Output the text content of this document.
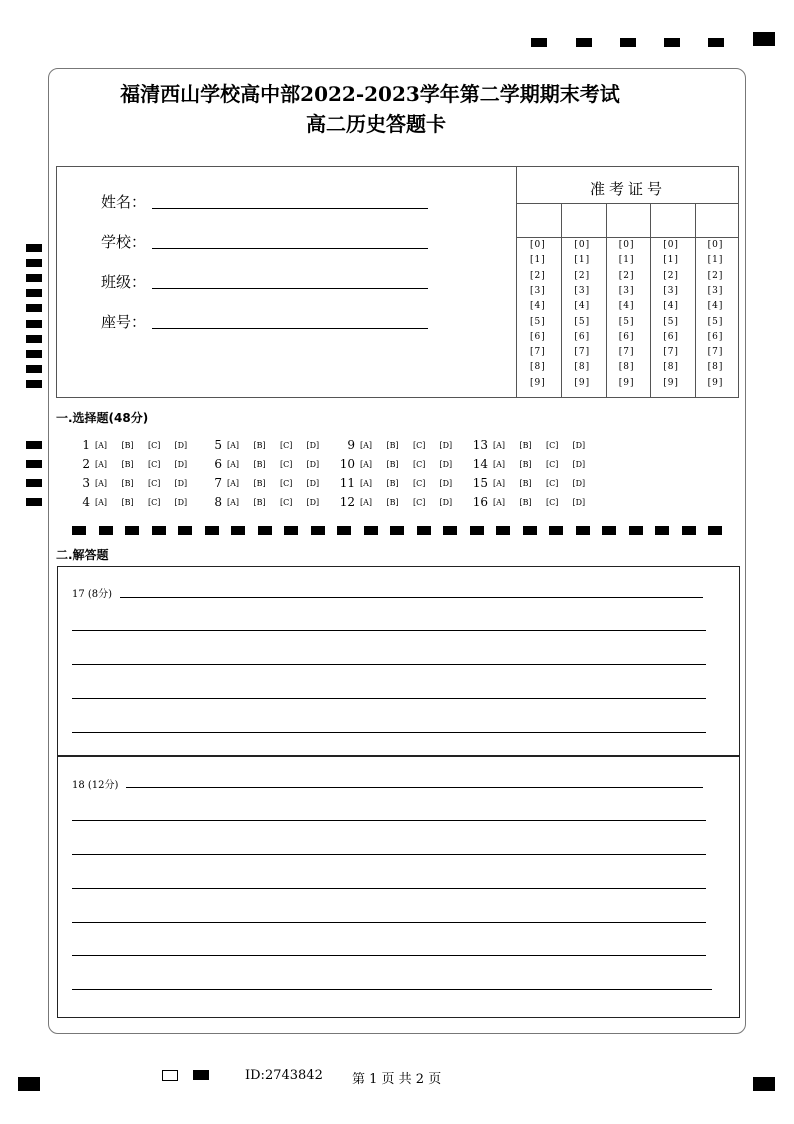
福清西山学校高中部2022-2023学年第二学期期末考试
高二历史答题卡
姓名：
学校：
班级：
座号：
准考证号
[0]
[1]
[2]
[3]
[4]
[5]
[6]
[7]
[8]
[9]
[0]
[1]
[2]
[3]
[4]
[5]
[6]
[7]
[8]
[9]
[0]
[1]
[2]
[3]
[4]
[5]
[6]
[7]
[8]
[9]
[0]
[1]
[2]
[3]
[4]
[5]
[6]
[7]
[8]
[9]
[0]
[1]
[2]
[3]
[4]
[5]
[6]
[7]
[8]
[9]
一.选择题(48分)
1 [A] [B] [C] [D]
2 [A] [B] [C] [D]
3 [A] [B] [C] [D]
4 [A] [B] [C] [D]
5 [A] [B] [C] [D]
6 [A] [B] [C] [D]
7 [A] [B] [C] [D]
8 [A] [B] [C] [D]
9 [A] [B] [C] [D]
10 [A] [B] [C] [D]
11 [A] [B] [C] [D]
12 [A] [B] [C] [D]
13 [A] [B] [C] [D]
14 [A] [B] [C] [D]
15 [A] [B] [C] [D]
16 [A] [B] [C] [D]
二.解答题
17 (8分)
18 (12分)
ID:2743842 第 1 页 共 2 页
